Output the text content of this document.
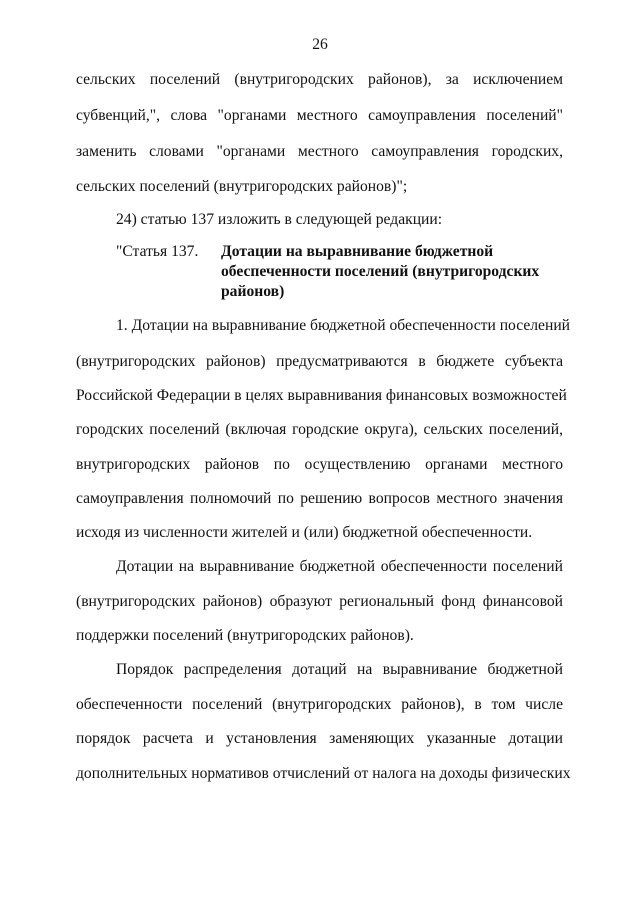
26
сельских поселений (внутригородских районов), за исключением
субвенций,", слова "органами местного самоуправления поселений"
заменить словами "органами местного самоуправления городских,
сельских поселений (внутригородских районов)";
24) статью 137 изложить в следующей редакции:
"Статья 137. Дотации на выравнивание бюджетной
обеспеченности поселений (внутригородских
районов)
1. Дотации на выравнивание бюджетной обеспеченности поселений
(внутригородских районов) предусматриваются в бюджете субъекта
Российской Федерации в целях выравнивания финансовых возможностей
городских поселений (включая городские округа), сельских поселений,
внутригородских районов по осуществлению органами местного
самоуправления полномочий по решению вопросов местного значения
исходя из численности жителей и (или) бюджетной обеспеченности.
Дотации на выравнивание бюджетной обеспеченности поселений
(внутригородских районов) образуют региональный фонд финансовой
поддержки поселений (внутригородских районов).
Порядок распределения дотаций на выравнивание бюджетной
обеспеченности поселений (внутригородских районов), в том числе
порядок расчета и установления заменяющих указанные дотации
дополнительных нормативов отчислений от налога на доходы физических
